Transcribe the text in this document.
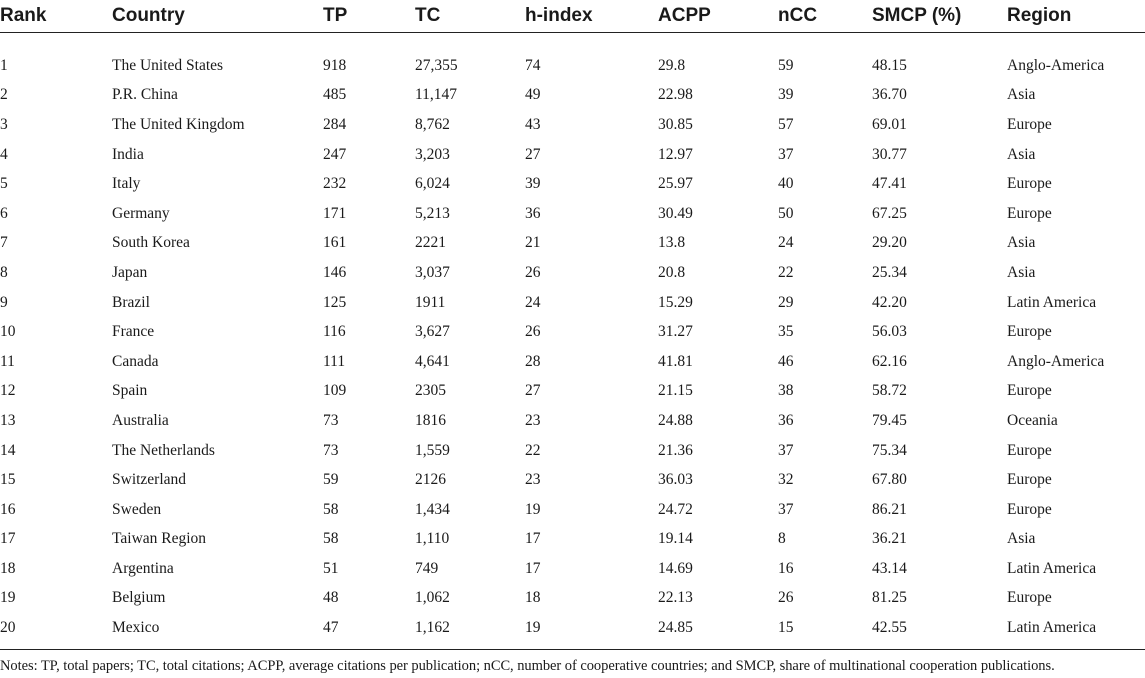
Rank	Country	TP	TC	h-index	ACPP	nCC	SMCP (%)	Region
1	The United States	918	27,355	74	29.8	59	48.15	Anglo-America
2	P.R. China	485	11,147	49	22.98	39	36.70	Asia
3	The United Kingdom	284	8,762	43	30.85	57	69.01	Europe
4	India	247	3,203	27	12.97	37	30.77	Asia
5	Italy	232	6,024	39	25.97	40	47.41	Europe
6	Germany	171	5,213	36	30.49	50	67.25	Europe
7	South Korea	161	2221	21	13.8	24	29.20	Asia
8	Japan	146	3,037	26	20.8	22	25.34	Asia
9	Brazil	125	1911	24	15.29	29	42.20	Latin America
10	France	116	3,627	26	31.27	35	56.03	Europe
11	Canada	111	4,641	28	41.81	46	62.16	Anglo-America
12	Spain	109	2305	27	21.15	38	58.72	Europe
13	Australia	73	1816	23	24.88	36	79.45	Oceania
14	The Netherlands	73	1,559	22	21.36	37	75.34	Europe
15	Switzerland	59	2126	23	36.03	32	67.80	Europe
16	Sweden	58	1,434	19	24.72	37	86.21	Europe
17	Taiwan Region	58	1,110	17	19.14	8	36.21	Asia
18	Argentina	51	749	17	14.69	16	43.14	Latin America
19	Belgium	48	1,062	18	22.13	26	81.25	Europe
20	Mexico	47	1,162	19	24.85	15	42.55	Latin America
Notes: TP, total papers; TC, total citations; ACPP, average citations per publication; nCC, number of cooperative countries; and SMCP, share of multinational cooperation publications.
